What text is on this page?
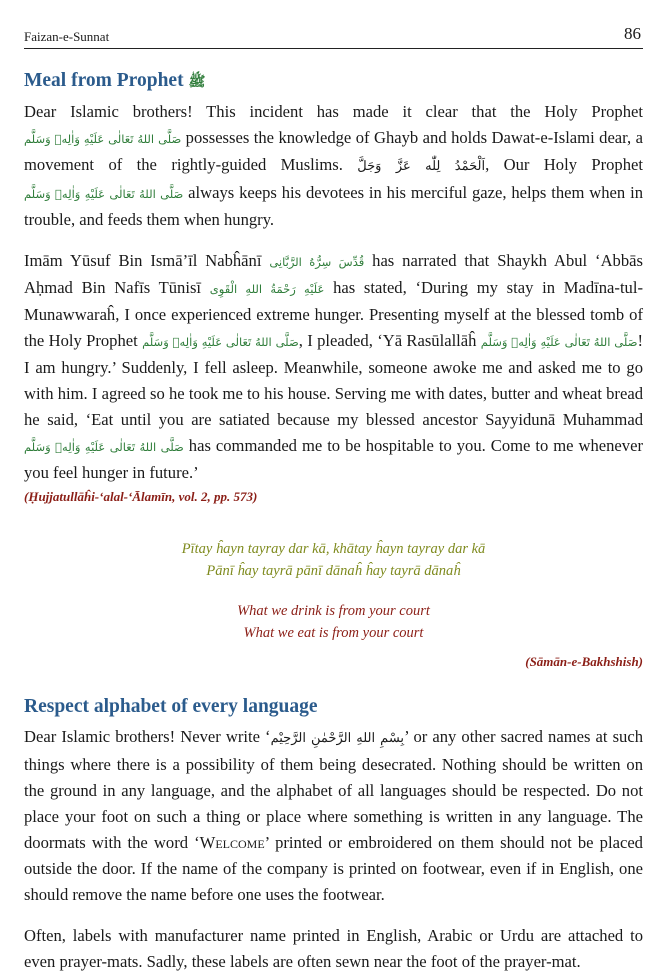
Faizan-e-Sunnat	86
Meal from Prophet ﷺ

Dear Islamic brothers! This incident has made it clear that the Holy Prophet صَلَّى اللهُ تَعَالٰى عَلَيْهِ وَاٰلِهٖ وَسَلَّم possesses the knowledge of Ghayb and holds Dawat-e-Islami dear, a movement of the rightly-guided Muslims. اَلْحَمْدُ لِلّٰه عَزَّ وَجَلَّ, Our Holy Prophet صَلَّى اللهُ تَعَالٰى عَلَيْهِ وَاٰلِهٖ وَسَلَّم always keeps his devotees in his merciful gaze, helps them when in trouble, and feeds them when hungry.

Imām Yūsuf Bin Ismā’īl Nabĥānī قُدِّسَ سِرُّهُ الرَّبَّانِی has narrated that Shaykh Abul ‘Abbās Aḥmad Bin Nafīs Tūnisī عَلَيْهِ رَحْمَةُ اللهِ الْقَوِی has stated, ‘During my stay in Madīna-tul-Munawwaraĥ, I once experienced extreme hunger. Presenting myself at the blessed tomb of the Holy Prophet صَلَّى اللهُ تَعَالٰى عَلَيْهِ وَاٰلِهٖ وَسَلَّم, I pleaded, ‘Yā Rasūlallāĥ صَلَّى اللهُ تَعَالٰى عَلَيْهِ وَاٰلِهٖ وَسَلَّم! I am hungry.’ Suddenly, I fell asleep. Meanwhile, someone awoke me and asked me to go with him. I agreed so he took me to his house. Serving me with dates, butter and wheat bread he said, ‘Eat until you are satiated because my blessed ancestor Sayyidunā Muhammad صَلَّى اللهُ تَعَالٰى عَلَيْهِ وَاٰلِهٖ وَسَلَّم has commanded me to be hospitable to you. Come to me whenever you feel hunger in future.’

(Ḥujjatullāĥi-‘alal-‘Ālamīn, vol. 2, pp. 573)
Pītay ĥayn tayray dar kā, khātay ĥayn tayray dar kā
Pānī ĥay tayrā pānī dānaĥ ĥay tayrā dānaĥ
What we drink is from your court
What we eat is from your court
(Sāmān-e-Bakhshish)
Respect alphabet of every language

Dear Islamic brothers! Never write ‘بِسْمِ اللهِ الرَّحْمٰنِ الرَّحِيْم’ or any other sacred names at such things where there is a possibility of them being desecrated. Nothing should be written on the ground in any language, and the alphabet of all languages should be respected. Do not place your foot on such a thing or place where something is written in any language. The doormats with the word ‘Welcome’ printed or embroidered on them should not be placed outside the door. If the name of the company is printed on footwear, even if in English, one should remove the name before one uses the footwear.

Often, labels with manufacturer name printed in English, Arabic or Urdu are attached to even prayer-mats. Sadly, these labels are often sewn near the foot of the prayer-mat.
